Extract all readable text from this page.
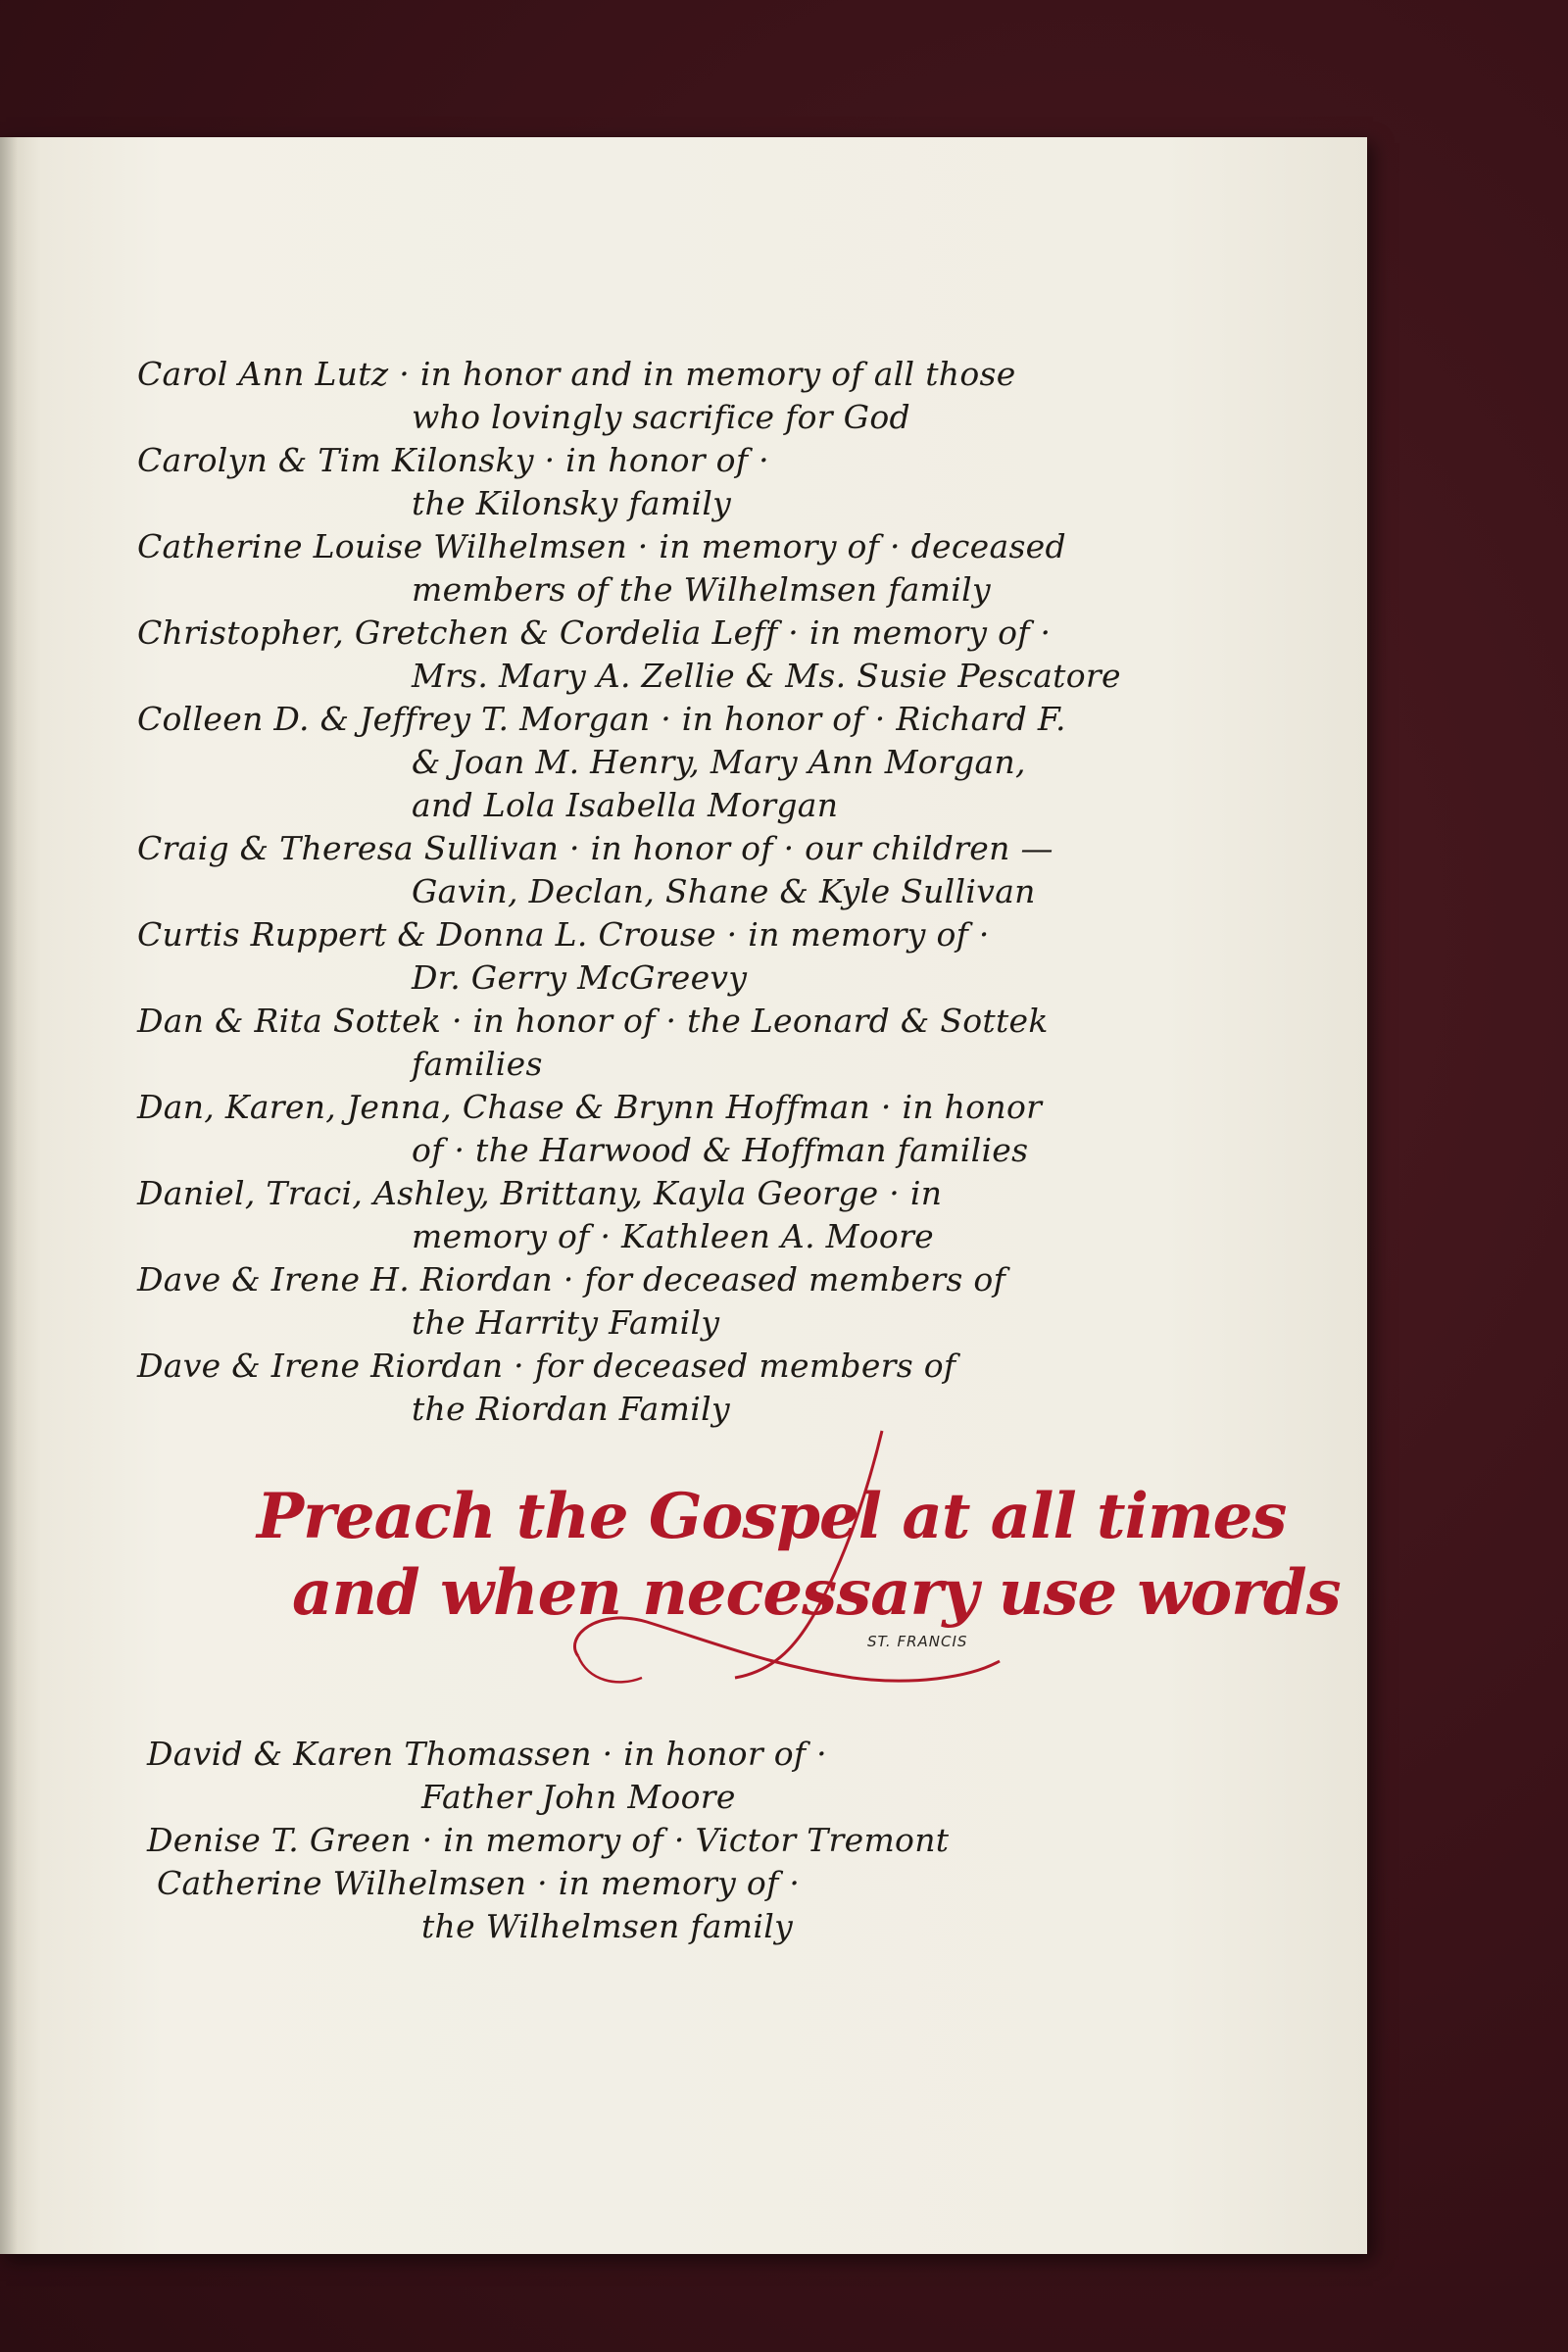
Carol Ann Lutz · in honor and in memory of all those
who lovingly sacrifice for God
Carolyn & Tim Kilonsky · in honor of ·
the Kilonsky family
Catherine Louise Wilhelmsen · in memory of · deceased
members of the Wilhelmsen family
Christopher, Gretchen & Cordelia Leff · in memory of ·
Mrs. Mary A. Zellie & Ms. Susie Pescatore
Colleen D. & Jeffrey T. Morgan · in honor of · Richard F.
& Joan M. Henry, Mary Ann Morgan,
and Lola Isabella Morgan
Craig & Theresa Sullivan · in honor of · our children —
Gavin, Declan, Shane & Kyle Sullivan
Curtis Ruppert & Donna L. Crouse · in memory of ·
Dr. Gerry McGreevy
Dan & Rita Sottek · in honor of · the Leonard & Sottek
families
Dan, Karen, Jenna, Chase & Brynn Hoffman · in honor
of · the Harwood & Hoffman families
Daniel, Traci, Ashley, Brittany, Kayla George · in
memory of · Kathleen A. Moore
Dave & Irene H. Riordan · for deceased members of
the Harrity Family
Dave & Irene Riordan · for deceased members of
the Riordan Family
Preach the Gospel at all times
and when necessary use words
ST. FRANCIS
David & Karen Thomassen · in honor of ·
Father John Moore
Denise T. Green · in memory of · Victor Tremont
Catherine Wilhelmsen · in memory of ·
the Wilhelmsen family
